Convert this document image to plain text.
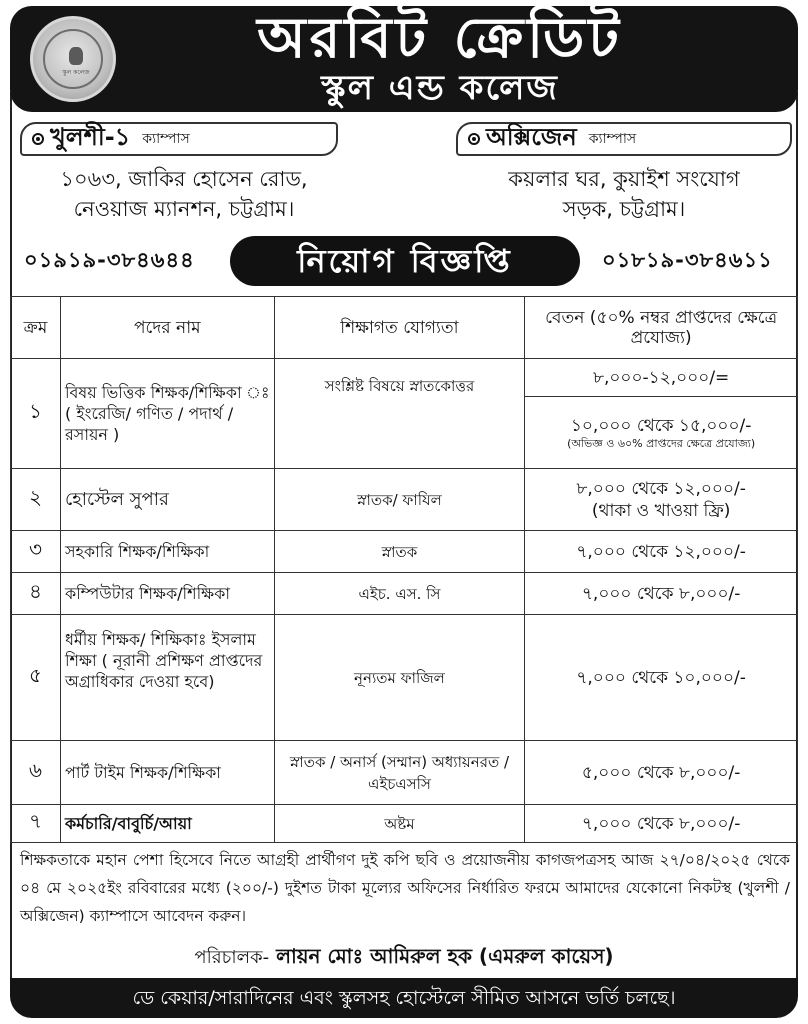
স্কুল কলেজ
অরবিট ক্রেডিট
স্কুল এন্ড কলেজ
খুলশী-১ ক্যাম্পাস
১০৬৩, জাকির হোসেন রোড,
নেওয়াজ ম্যানশন, চট্টগ্রাম।
০১৯১৯-৩৮৪৬৪৪
অক্সিজেন ক্যাম্পাস
কয়লার ঘর, কুয়াইশ সংযোগ
সড়ক, চট্টগ্রাম।
০১৮১৯-৩৮৪৬১১
নিয়োগ বিজ্ঞপ্তি
ক্রম	পদের নাম	শিক্ষাগত যোগ্যতা	বেতন (৫০% নম্বর প্রাপ্তদের ক্ষেত্রে প্রযোজ্য)
১	বিষয় ভিত্তিক শিক্ষক/শিক্ষিকা ঃ ( ইংরেজি/ গণিত / পদার্থ / রসায়ন )	সংশ্লিষ্ট বিষয়ে স্নাতকোত্তর	৮,০০০-১২,০০০/=
			১০,০০০ থেকে ১৫,০০০/-
(অভিজ্ঞ ও ৬০% প্রাপ্তদের ক্ষেত্রে প্রযোজ্য)

২	হোস্টেল সুপার	স্নাতক/ ফাযিল	৮,০০০ থেকে ১২,০০০/-
(থাকা ও খাওয়া ফ্রি)

৩	সহকারি শিক্ষক/শিক্ষিকা	স্নাতক	৭,০০০ থেকে ১২,০০০/-
৪	কম্পিউটার শিক্ষক/শিক্ষিকা	এইচ. এস. সি	৭,০০০ থেকে ৮,০০০/-
৫	ধর্মীয় শিক্ষক/ শিক্ষিকাঃ ইসলাম শিক্ষা ( নূরানী প্রশিক্ষণ প্রাপ্তদের অগ্রাধিকার দেওয়া হবে)	নূন্যতম ফাজিল	৭,০০০ থেকে ১০,০০০/-
৬	পার্ট টাইম শিক্ষক/শিক্ষিকা	স্নাতক / অনার্স (সম্মান) অধ্যায়নরত / এইচএসসি	৫,০০০ থেকে ৮,০০০/-
৭	কর্মচারি/বাবুর্চি/আয়া	অষ্টম	৭,০০০ থেকে ৮,০০০/-
শিক্ষকতাকে মহান পেশা হিসেবে নিতে আগ্রহী প্রার্থীগণ দুই কপি ছবি ও প্রয়োজনীয় কাগজপত্রসহ আজ ২৭/০৪/২০২৫ থেকে ০৪ মে ২০২৫ইং রবিবারের মধ্যে (২০০/-) দুইশত টাকা মূল্যের অফিসের নির্ধারিত ফরমে আমাদের যেকোনো নিকটস্থ (খুলশী / অক্সিজেন) ক্যাম্পাসে আবেদন করুন।
পরিচালক- লায়ন মোঃ আমিরুল হক (এমরুল কায়েস)
ডে কেয়ার/সারাদিনের এবং স্কুলসহ হোস্টেলে সীমিত আসনে ভর্তি চলছে।
